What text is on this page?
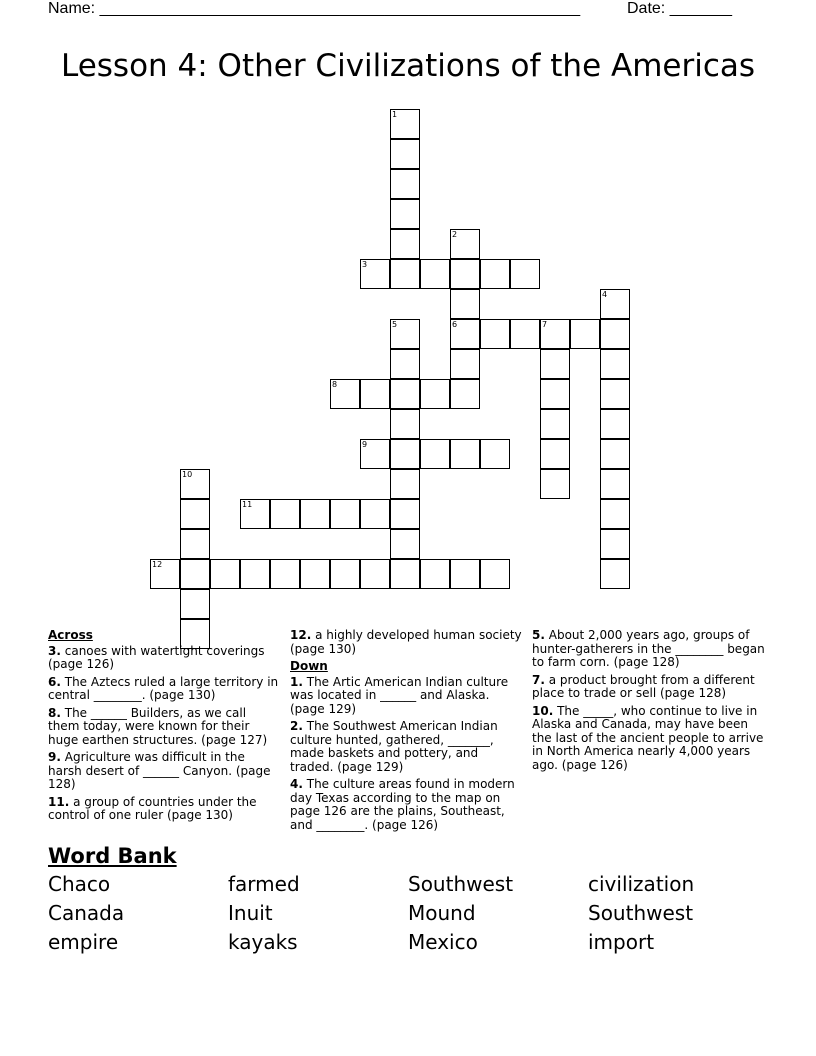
Name: ______________________________________________________	Date: _______
Lesson 4: Other Civilizations of the Americas
1
2
6
3
4
5	7
8
9
10
11
12
Across
3. canoes with watertight coverings (page 126)
6. The Aztecs ruled a large territory in central ________. (page 130)
8. The ______ Builders, as we call them today, were known for their huge earthen structures. (page 127)
9. Agriculture was difficult in the harsh desert of ______ Canyon. (page 128)
11. a group of countries under the control of one ruler (page 130)
12. a highly developed human society (page 130)
Down
1. The Artic American Indian culture was located in ______ and Alaska. (page 129)
2. The Southwest American Indian culture hunted, gathered, _______, made baskets and pottery, and traded. (page 129)
4. The culture areas found in modern day Texas according to the map on page 126 are the plains, Southeast, and ________. (page 126)
5. About 2,000 years ago, groups of hunter-gatherers in the ________ began to farm corn. (page 128)
7. a product brought from a different place to trade or sell (page 128)
10. The _____, who continue to live in Alaska and Canada, may have been the last of the ancient people to arrive in North America nearly 4,000 years ago. (page 126)
Word Bank
Chaco	farmed	Southwest	civilization
Canada	Inuit	Mound	Southwest
empire	kayaks	Mexico	import
